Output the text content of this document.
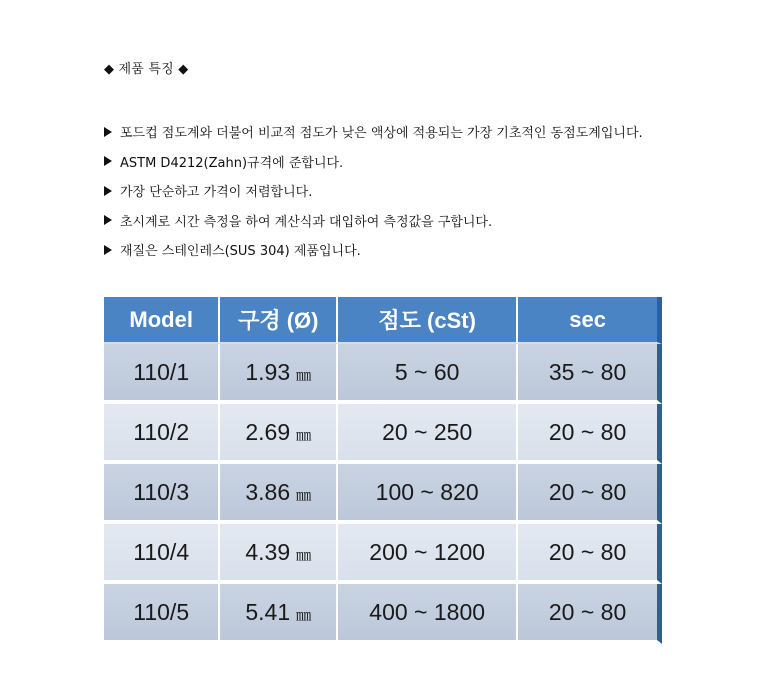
◆ 제품 특징 ◆
포드컵 점도계와 더불어 비교적 점도가 낮은 액상에 적용되는 가장 기초적인 동점도계입니다.
ASTM D4212(Zahn)규격에 준합니다.
가장 단순하고 가격이 저렴합니다.
초시계로 시간 측정을 하여 계산식과 대입하여 측정값을 구합니다.
재질은 스테인레스(SUS 304) 제품입니다.
Model	구경 (Ø)	점도 (cSt)	sec
110/1	1.93 ㎜	5 ~ 60	35 ~ 80
110/2	2.69 ㎜	20 ~ 250	20 ~ 80
110/3	3.86 ㎜	100 ~ 820	20 ~ 80
110/4	4.39 ㎜	200 ~ 1200	20 ~ 80
110/5	5.41 ㎜	400 ~ 1800	20 ~ 80
